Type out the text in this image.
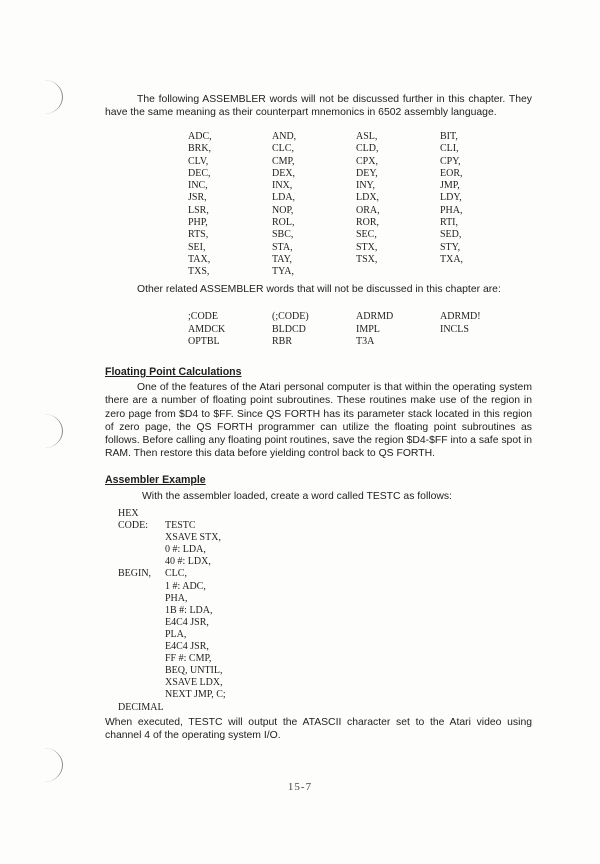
The following ASSEMBLER words will not be discussed further in this chapter. They have the same meaning as their counterpart mnemonics in 6502 assembly language.

ADC,	AND,	ASL,	BIT,
BRK,	CLC,	CLD,	CLI,
CLV,	CMP,	CPX,	CPY,
DEC,	DEX,	DEY,	EOR,
INC,	INX,	INY,	JMP,
JSR,	LDA,	LDX,	LDY,
LSR,	NOP,	ORA,	PHA,
PHP,	ROL,	ROR,	RTI,
RTS,	SBC,	SEC,	SED,
SEI,	STA,	STX,	STY,
TAX,	TAY,	TSX,	TXA,
TXS,	TYA,

Other related ASSEMBLER words that will not be discussed in this chapter are:

;CODE	(;CODE)	ADRMD	ADRMD!
AMDCK	BLDCD	IMPL	INCLS
OPTBL	RBR	T3A
Floating Point Calculations

One of the features of the Atari personal computer is that within the operating system there are a number of floating point subroutines. These routines make use of the region in zero page from $D4 to $FF. Since QS FORTH has its parameter stack located in this region of zero page, the QS FORTH programmer can utilize the floating point subroutines as follows. Before calling any floating point routines, save the region $D4-$FF into a safe spot in RAM. Then restore this data before yielding control back to QS FORTH.

Assembler Example

With the assembler loaded, create a word called TESTC as follows:

HEX
CODE:	TESTC
XSAVE STX,
0 #: LDA,
40 #: LDX,
BEGIN,	CLC,
1 #: ADC,
PHA,
1B #: LDA,
E4C4 JSR,
PLA,
E4C4 JSR,
FF #: CMP,
BEQ, UNTIL,
XSAVE LDX,
NEXT JMP, C;
DECIMAL

When executed, TESTC will output the ATASCII character set to the Atari video using channel 4 of the operating system I/O.

15-7
